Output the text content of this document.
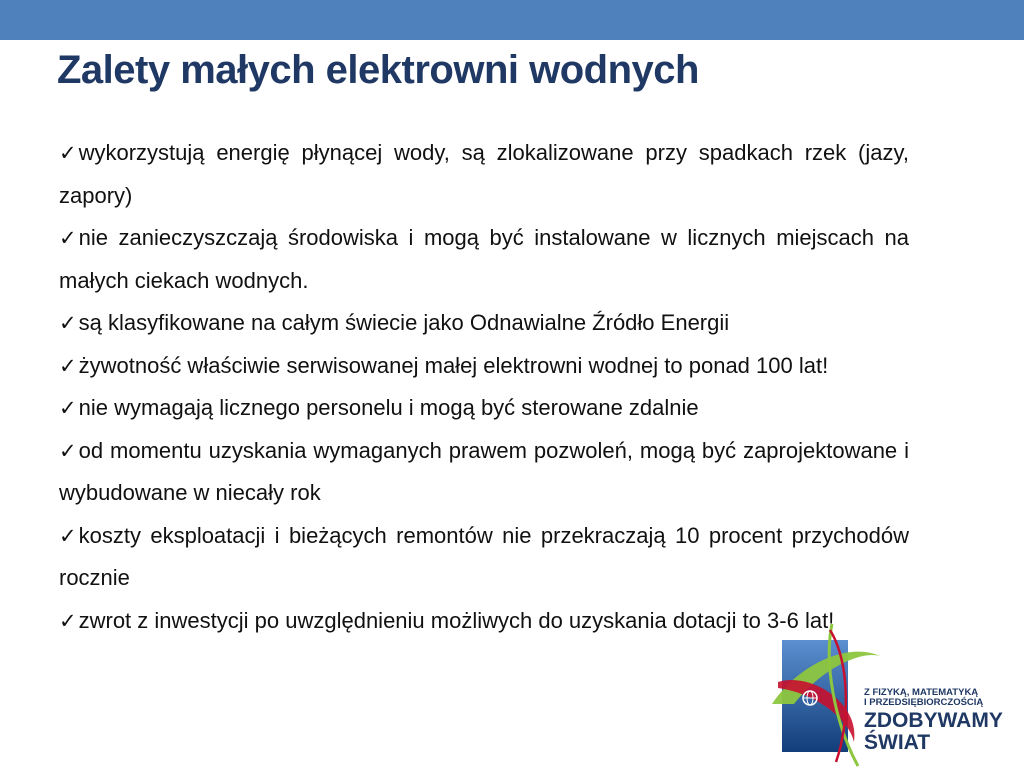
Zalety małych elektrowni wodnych
✓wykorzystują energię płynącej wody, są zlokalizowane przy spadkach rzek (jazy, zapory)
✓nie zanieczyszczają środowiska i mogą być instalowane w licznych miejscach na małych ciekach wodnych.
✓są klasyfikowane na całym świecie jako Odnawialne Źródło Energii
✓żywotność właściwie serwisowanej małej elektrowni wodnej to ponad 100 lat!
✓nie wymagają licznego personelu i mogą być sterowane zdalnie
✓od momentu uzyskania wymaganych prawem pozwoleń, mogą być zaprojektowane i wybudowane w niecały rok
✓koszty eksploatacji i bieżących remontów nie przekraczają 10 procent przychodów rocznie
✓zwrot z inwestycji po uwzględnieniu możliwych do uzyskania dotacji to 3-6 lat!
Z FIZYKĄ, MATEMATYKĄ
I PRZEDSIĘBIORCZOŚCIĄ
ZDOBYWAMY
ŚWIAT
